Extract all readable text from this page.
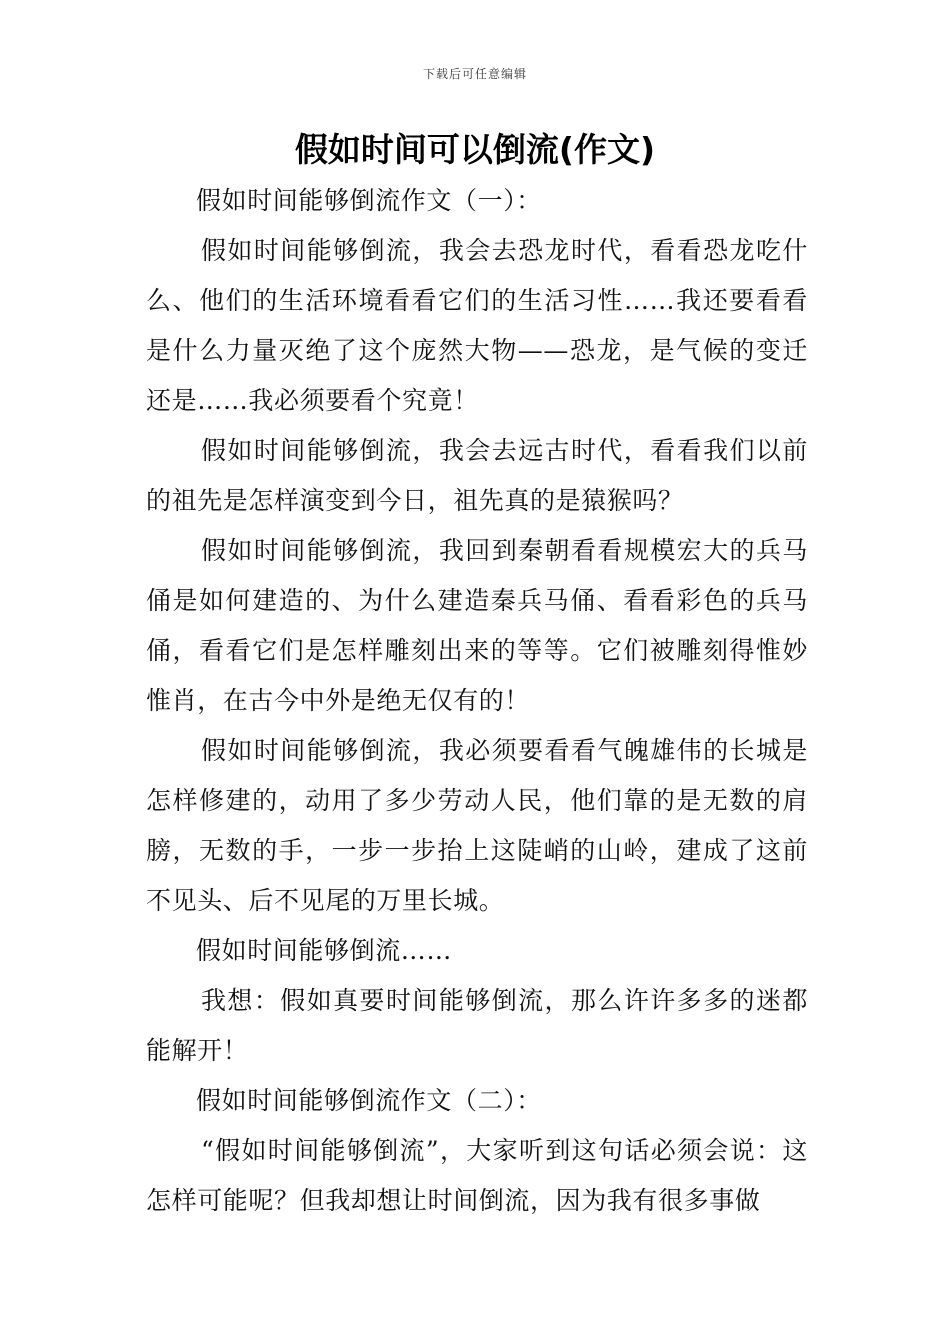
下载后可任意编辑
假如时间可以倒流(作文)

假如时间能够倒流作文（一）：

假如时间能够倒流，我会去恐龙时代，看看恐龙吃什么、他们的生活环境看看它们的生活习性……我还要看看是什么力量灭绝了这个庞然大物——恐龙，是气候的变迁还是……我必须要看个究竟！

假如时间能够倒流，我会去远古时代，看看我们以前的祖先是怎样演变到今日，祖先真的是猿猴吗？

假如时间能够倒流，我回到秦朝看看规模宏大的兵马俑是如何建造的、为什么建造秦兵马俑、看看彩色的兵马俑，看看它们是怎样雕刻出来的等等。它们被雕刻得惟妙惟肖，在古今中外是绝无仅有的！

假如时间能够倒流，我必须要看看气魄雄伟的长城是怎样修建的，动用了多少劳动人民，他们靠的是无数的肩膀，无数的手，一步一步抬上这陡峭的山岭，建成了这前不见头、后不见尾的万里长城。

假如时间能够倒流……

我想：假如真要时间能够倒流，那么许许多多的迷都能解开！

假如时间能够倒流作文（二）：

“假如时间能够倒流”，大家听到这句话必须会说：这怎样可能呢？但我却想让时间倒流，因为我有很多事做
